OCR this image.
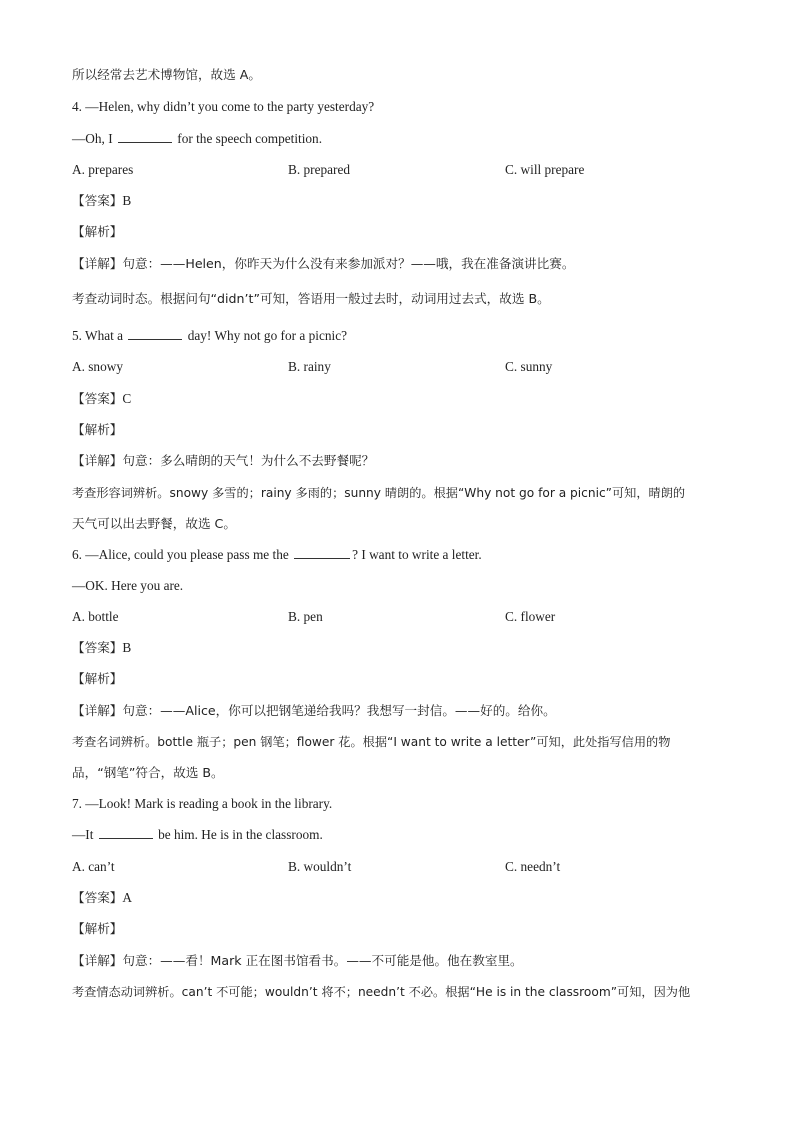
所以经常去艺术博物馆，故选 A。
4. —Helen, why didn’t you come to the party yesterday?
—Oh, I	for the speech competition.
A. prepares	B. prepared	C. will prepare
【答案】B
【解析】
【详解】句意：——Helen，你昨天为什么没有来参加派对？——哦，我在准备演讲比赛。
考查动词时态。根据问句“didn’t”可知，答语用一般过去时，动词用过去式，故选 B。
5. What a	day! Why not go for a picnic?
A. snowy	B. rainy	C. sunny
【答案】C
【解析】
【详解】句意：多么晴朗的天气！为什么不去野餐呢？
考查形容词辨析。snowy 多雪的；rainy 多雨的；sunny 晴朗的。根据“Why not go for a picnic”可知，晴朗的
天气可以出去野餐，故选 C。
6. —Alice, could you please pass me the	? I want to write a letter.
—OK. Here you are.
A. bottle	B. pen	C. flower
【答案】B
【解析】
【详解】句意：——Alice，你可以把钢笔递给我吗？我想写一封信。——好的。给你。
考查名词辨析。bottle 瓶子；pen 钢笔；flower 花。根据“I want to write a letter”可知，此处指写信用的物
品，“钢笔”符合，故选 B。
7. —Look! Mark is reading a book in the library.
—It	be him. He is in the classroom.
A. can’t	B. wouldn’t	C. needn’t
【答案】A
【解析】
【详解】句意：——看！Mark 正在图书馆看书。——不可能是他。他在教室里。
考查情态动词辨析。can’t 不可能；wouldn’t 将不；needn’t 不必。根据“He is in the classroom”可知，因为他
